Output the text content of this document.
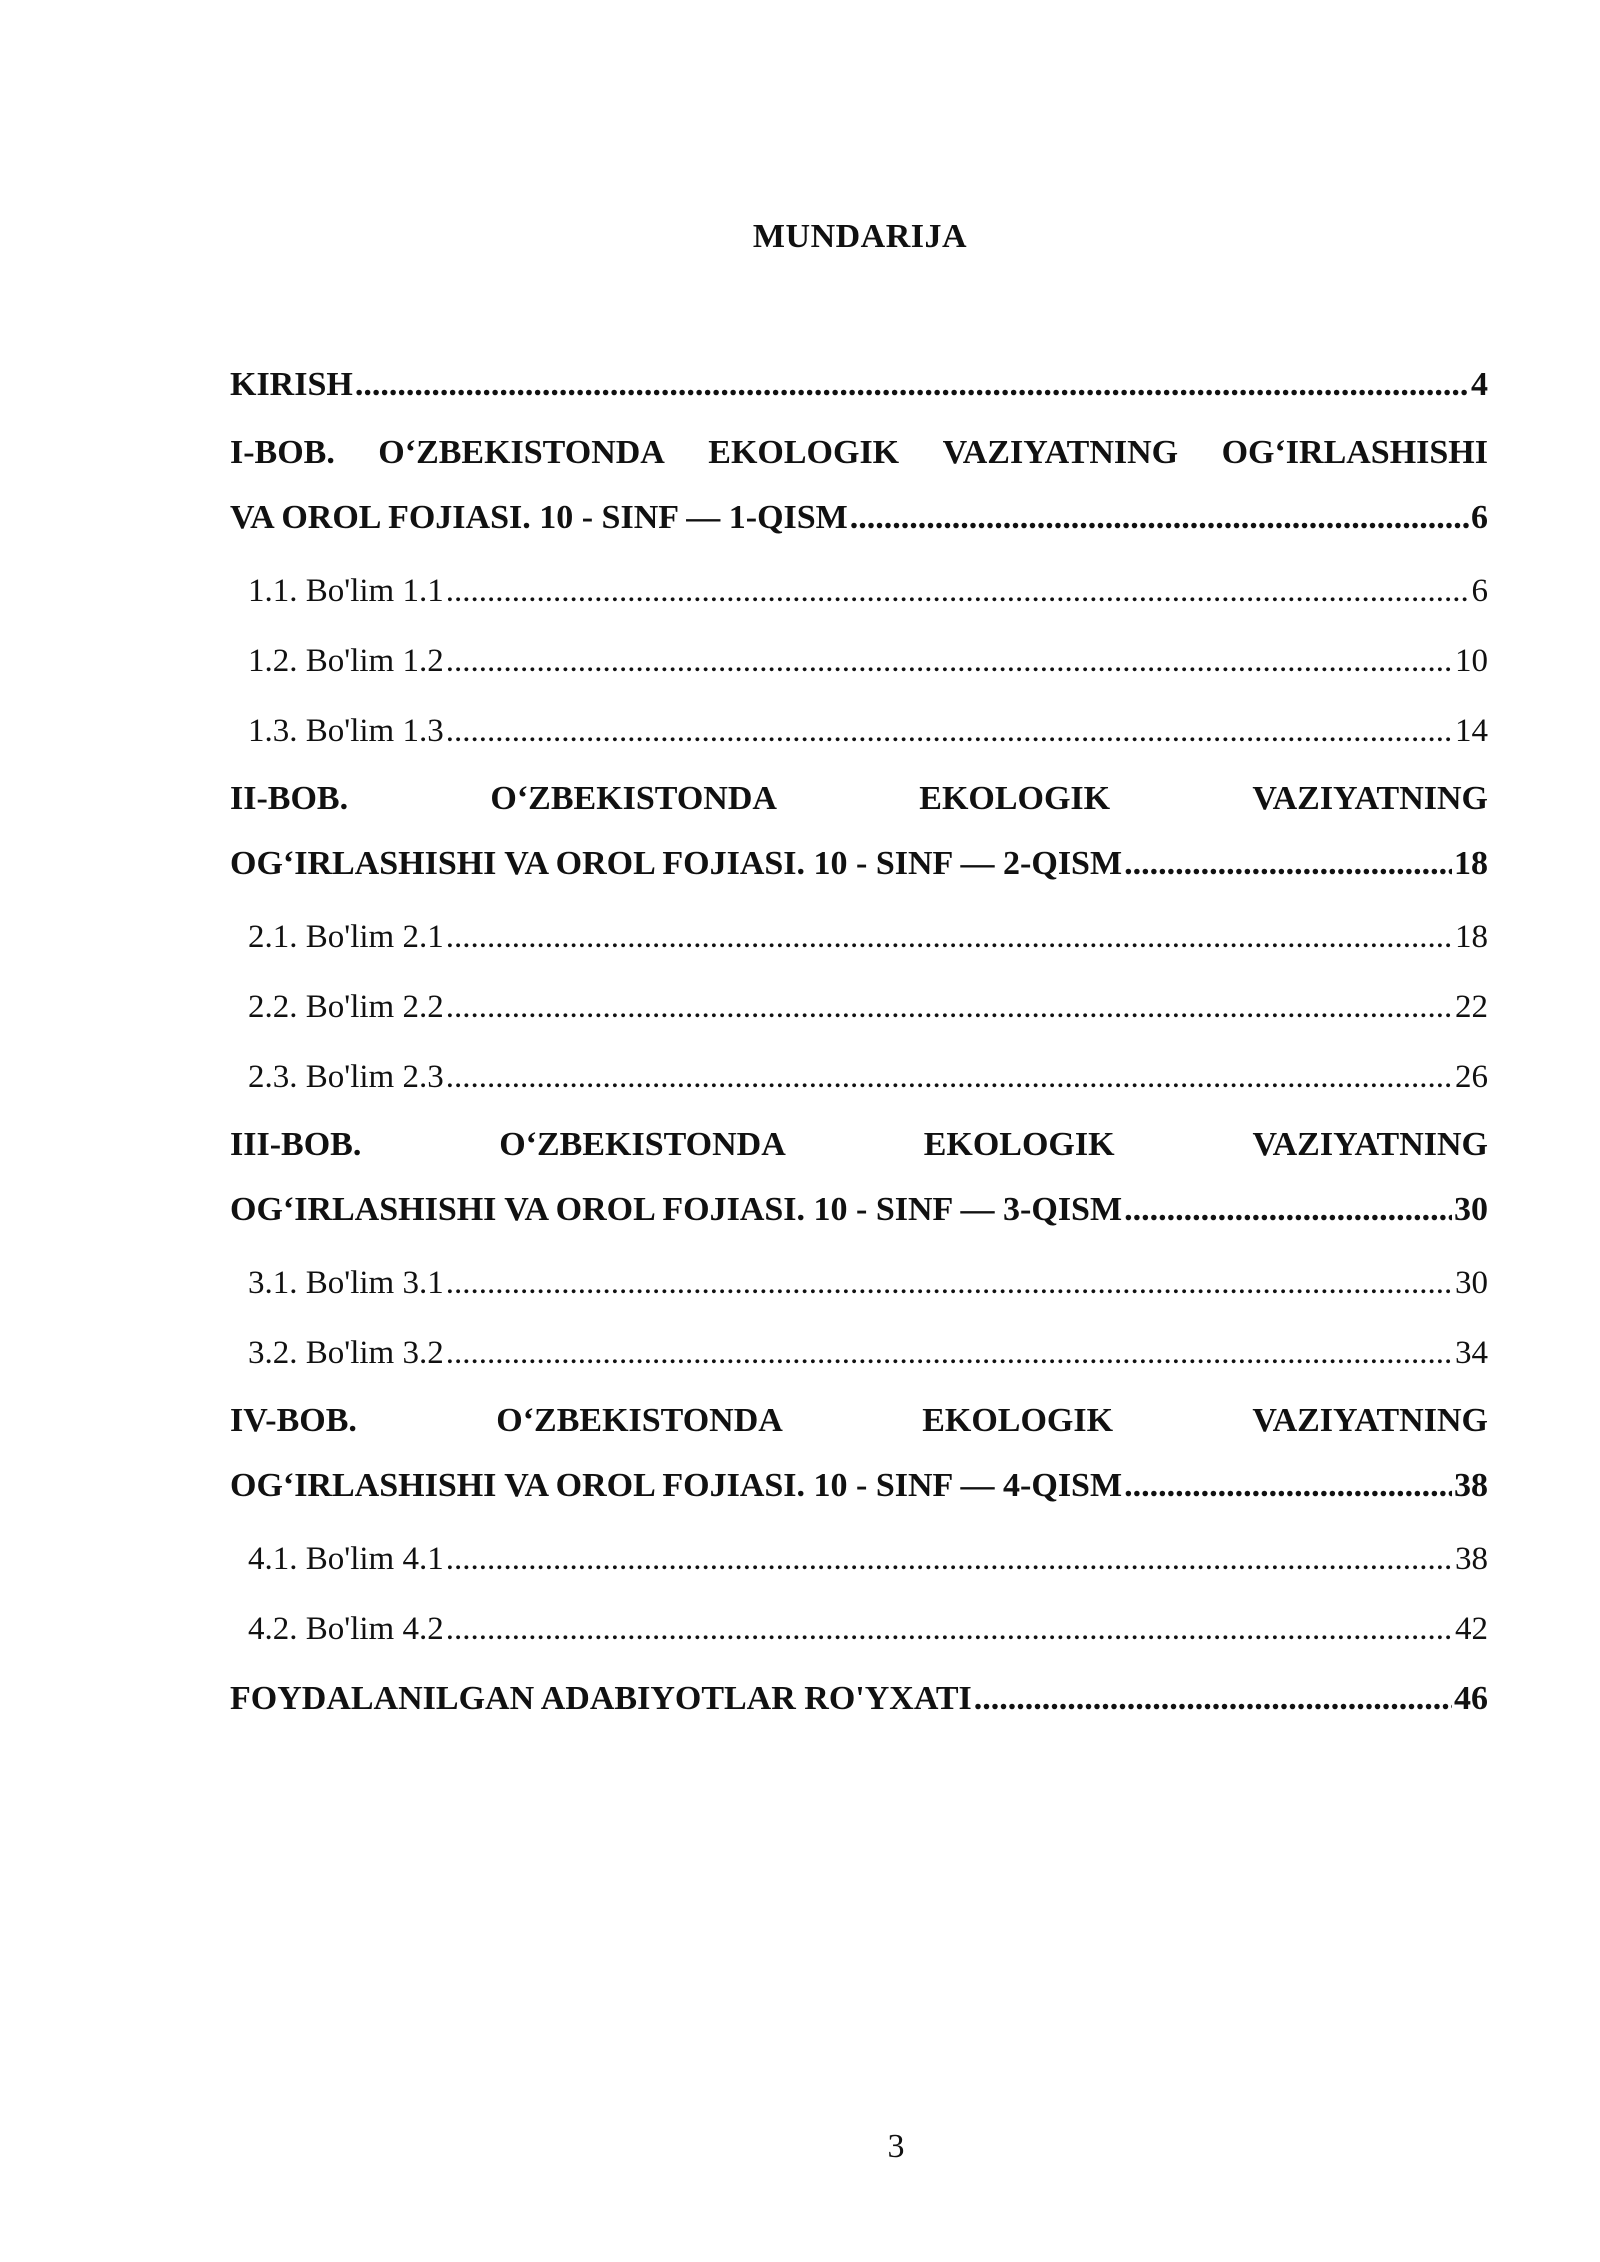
MUNDARIJA
KIRISH .....	4
I-BOB. O‘ZBEKISTONDA EKOLOGIK VAZIYATNING OG‘IRLASHISHI
VA OROL FOJIASI. 10 - SINF — 1-QISM .....	6
1.1. Bo'lim 1.1 .....	6
1.2. Bo'lim 1.2 .....	10
1.3. Bo'lim 1.3 .....	14
II-BOB.	O‘ZBEKISTONDA	EKOLOGIK	VAZIYATNING
OG‘IRLASHISHI VA OROL FOJIASI. 10 - SINF — 2-QISM .....	18
2.1. Bo'lim 2.1 .....	18
2.2. Bo'lim 2.2 .....	22
2.3. Bo'lim 2.3 .....	26
III-BOB.	O‘ZBEKISTONDA	EKOLOGIK	VAZIYATNING
OG‘IRLASHISHI VA OROL FOJIASI. 10 - SINF — 3-QISM .....	30
3.1. Bo'lim 3.1 .....	30
3.2. Bo'lim 3.2 .....	34
IV-BOB.	O‘ZBEKISTONDA	EKOLOGIK	VAZIYATNING
OG‘IRLASHISHI VA OROL FOJIASI. 10 - SINF — 4-QISM .....	38
4.1. Bo'lim 4.1 .....	38
4.2. Bo'lim 4.2 .....	42
FOYDALANILGAN ADABIYOTLAR RO'YXATI .....	46
3
